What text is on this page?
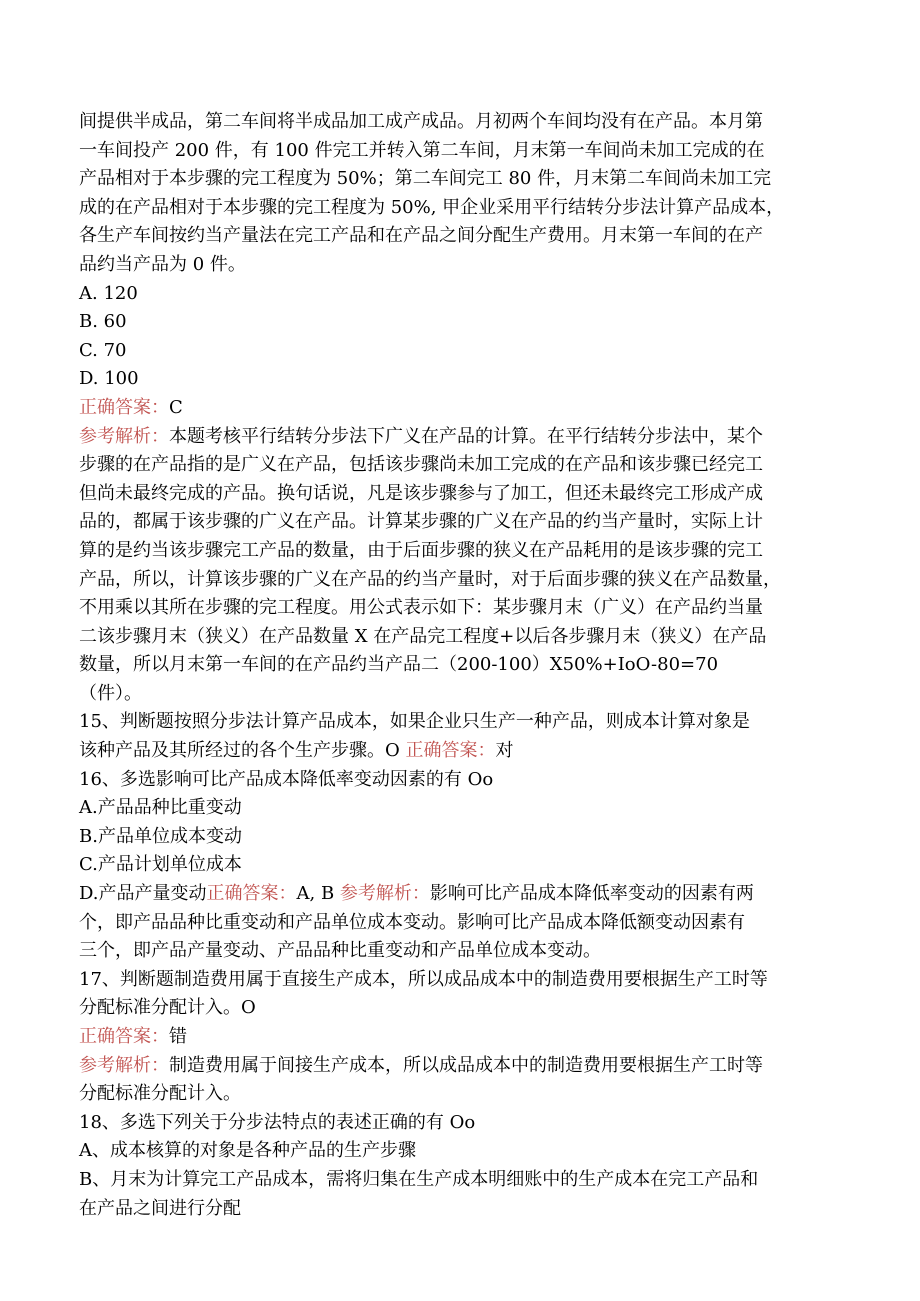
间提供半成品，第二车间将半成品加工成产成品。月初两个车间均没有在产品。本月第
一车间投产 200 件，有 100 件完工并转入第二车间，月末第一车间尚未加工完成的在
产品相对于本步骤的完工程度为 50%；第二车间完工 80 件，月末第二车间尚未加工完
成的在产品相对于本步骤的完工程度为 50%, 甲企业采用平行结转分步法计算产品成本，
各生产车间按约当产量法在完工产品和在产品之间分配生产费用。月末第一车间的在产
品约当产品为 0 件。
A. 120
B. 60
C. 70
D. 100
正确答案：C
参考解析：本题考核平行结转分步法下广义在产品的计算。在平行结转分步法中，某个
步骤的在产品指的是广义在产品，包括该步骤尚未加工完成的在产品和该步骤已经完工
但尚未最终完成的产品。换句话说，凡是该步骤参与了加工，但还未最终完工形成产成
品的，都属于该步骤的广义在产品。计算某步骤的广义在产品的约当产量时，实际上计
算的是约当该步骤完工产品的数量，由于后面步骤的狭义在产品耗用的是该步骤的完工
产品，所以，计算该步骤的广义在产品的约当产量时，对于后面步骤的狭义在产品数量，
不用乘以其所在步骤的完工程度。用公式表示如下：某步骤月末（广义）在产品约当量
二该步骤月末（狭义）在产品数量 X 在产品完工程度+以后各步骤月末（狭义）在产品
数量，所以月末第一车间的在产品约当产品二（200-100）X50%+IoO-80=70
（件）。
15、判断题按照分步法计算产品成本，如果企业只生产一种产品，则成本计算对象是
该种产品及其所经过的各个生产步骤。O 正确答案：对
16、多选影响可比产品成本降低率变动因素的有 Oo
A.产品品种比重变动
B.产品单位成本变动
C.产品计划单位成本
D.产品产量变动正确答案：A, B 参考解析：影响可比产品成本降低率变动的因素有两
个，即产品品种比重变动和产品单位成本变动。影响可比产品成本降低额变动因素有
三个，即产品产量变动、产品品种比重变动和产品单位成本变动。
17、判断题制造费用属于直接生产成本，所以成品成本中的制造费用要根据生产工时等
分配标准分配计入。O
正确答案：错
参考解析：制造费用属于间接生产成本，所以成品成本中的制造费用要根据生产工时等
分配标准分配计入。
18、多选下列关于分步法特点的表述正确的有 Oo
A、成本核算的对象是各种产品的生产步骤
B、月末为计算完工产品成本，需将归集在生产成本明细账中的生产成本在完工产品和
在产品之间进行分配
